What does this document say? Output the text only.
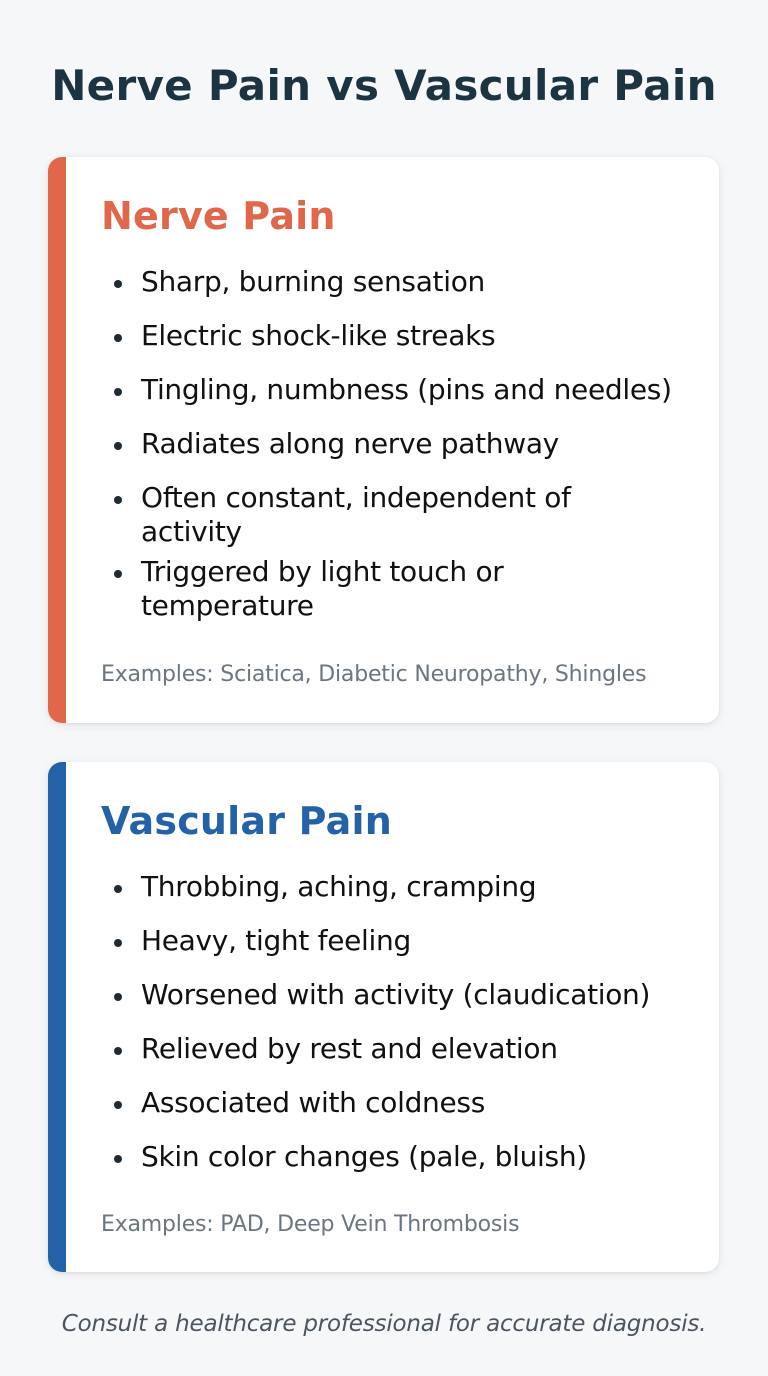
Nerve Pain vs Vascular Pain
Nerve Pain
Sharp, burning sensation
Electric shock-like streaks
Tingling, numbness (pins and needles)
Radiates along nerve pathway
Often constant, independent of activity
Triggered by light touch or temperature

Examples: Sciatica, Diabetic Neuropathy, Shingles

Vascular Pain
Throbbing, aching, cramping
Heavy, tight feeling
Worsened with activity (claudication)
Relieved by rest and elevation
Associated with coldness
Skin color changes (pale, bluish)

Examples: PAD, Deep Vein Thrombosis

Consult a healthcare professional for accurate diagnosis.
